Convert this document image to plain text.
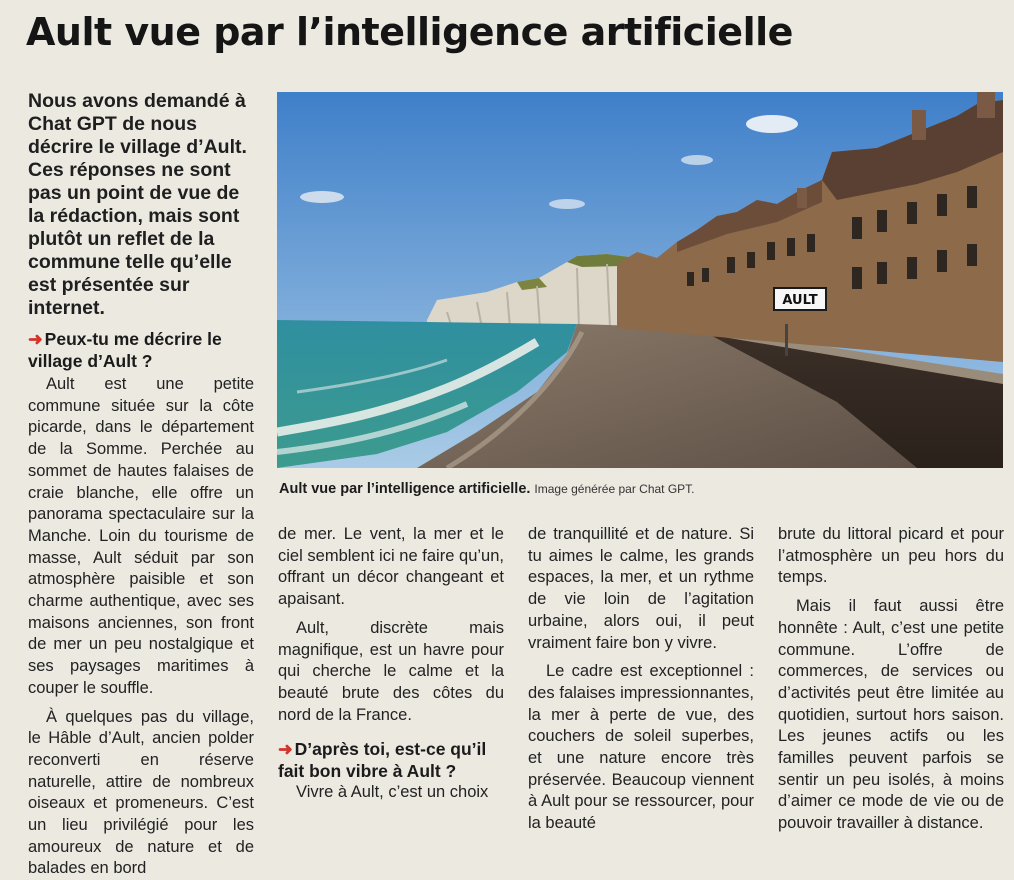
Ault vue par l’intelligence artificielle
Nous avons demandé à Chat GPT de nous décrire le village d’Ault. Ces réponses ne sont pas un point de vue de la rédaction, mais sont plutôt un reflet de la commune telle qu’elle est présentée sur internet.	AULT
Ault vue par l’intelligence artificielle. Image générée par Chat GPT.
➜ Peux-tu me décrire le village d’Ault ?

Ault est une petite commune située sur la côte picarde, dans le département de la Somme. Perchée au sommet de hautes falaises de craie blanche, elle offre un panorama spectaculaire sur la Manche. Loin du tourisme de masse, Ault séduit par son atmosphère paisible et son charme authentique, avec ses maisons anciennes, son front de mer un peu nostalgique et ses paysages maritimes à couper le souffle.

À quelques pas du village, le Hâble d’Ault, ancien polder reconverti en réserve naturelle, attire de nombreux oiseaux et promeneurs. C’est un lieu privilégié pour les amoureux de nature et de balades en bord

de mer. Le vent, la mer et le ciel semblent ici ne faire qu’un, offrant un décor changeant et apaisant.

Ault, discrète mais magnifique, est un havre pour qui cherche le calme et la beauté brute des côtes du nord de la France.

➜ D’après toi, est-ce qu’il fait bon vibre à Ault ?

Vivre à Ault, c’est un choix

de tranquillité et de nature. Si tu aimes le calme, les grands espaces, la mer, et un rythme de vie loin de l’agitation urbaine, alors oui, il peut vraiment faire bon y vivre.

Le cadre est exceptionnel : des falaises impressionnantes, la mer à perte de vue, des couchers de soleil superbes, et une nature encore très préservée. Beaucoup viennent à Ault pour se ressourcer, pour la beauté

brute du littoral picard et pour l’atmosphère un peu hors du temps.

Mais il faut aussi être honnête : Ault, c’est une petite commune. L’offre de commerces, de services ou d’activités peut être limitée au quotidien, surtout hors saison. Les jeunes actifs ou les familles peuvent parfois se sentir un peu isolés, à moins d’aimer ce mode de vie ou de pouvoir travailler à distance.
